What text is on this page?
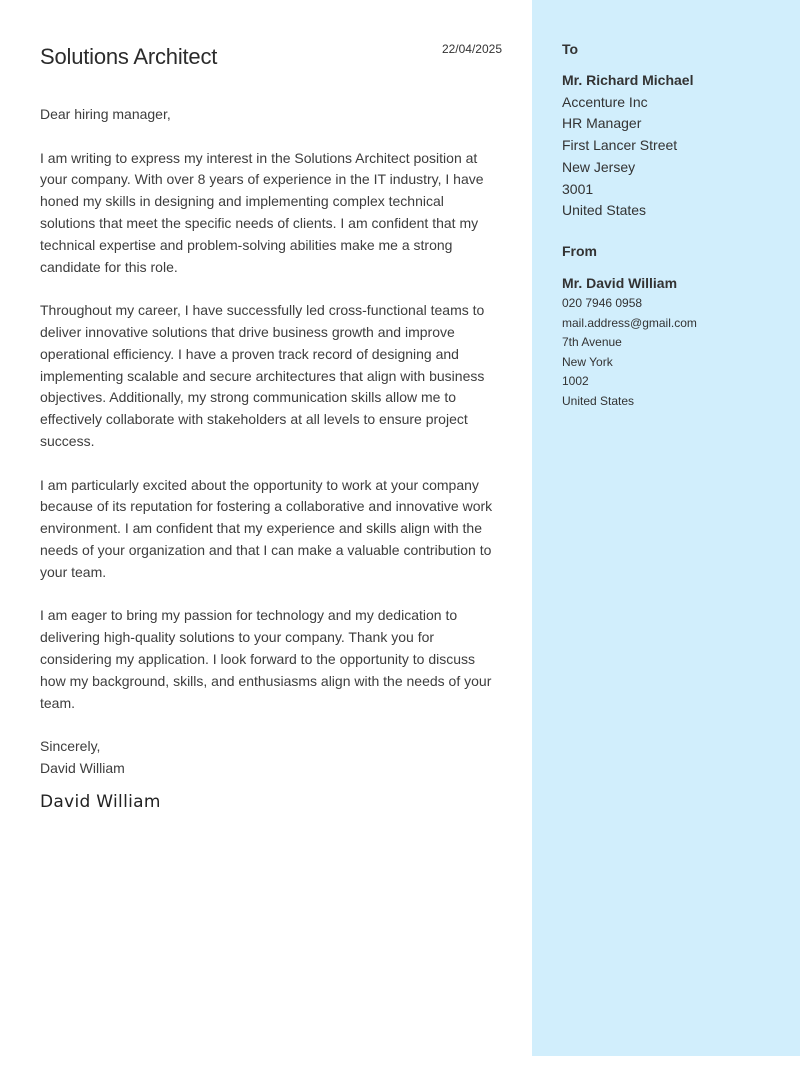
Solutions Architect	22/04/2025

Dear hiring manager,

I am writing to express my interest in the Solutions Architect position at your company. With over 8 years of experience in the IT industry, I have honed my skills in designing and implementing complex technical solutions that meet the specific needs of clients. I am confident that my technical expertise and problem-solving abilities make me a strong candidate for this role.

Throughout my career, I have successfully led cross-functional teams to deliver innovative solutions that drive business growth and improve operational efficiency. I have a proven track record of designing and implementing scalable and secure architectures that align with business objectives. Additionally, my strong communication skills allow me to effectively collaborate with stakeholders at all levels to ensure project success.

I am particularly excited about the opportunity to work at your company because of its reputation for fostering a collaborative and innovative work environment. I am confident that my experience and skills align with the needs of your organization and that I can make a valuable contribution to your team.

I am eager to bring my passion for technology and my dedication to delivering high-quality solutions to your company. Thank you for considering my application. I look forward to the opportunity to discuss how my background, skills, and enthusiasms align with the needs of your team.

Sincerely,
David William
David William
To
Mr. Richard Michael
Accenture Inc
HR Manager
First Lancer Street
New Jersey
3001
United States
From
Mr. David William
020 7946 0958
mail.address@gmail.com
7th Avenue
New York
1002
United States
